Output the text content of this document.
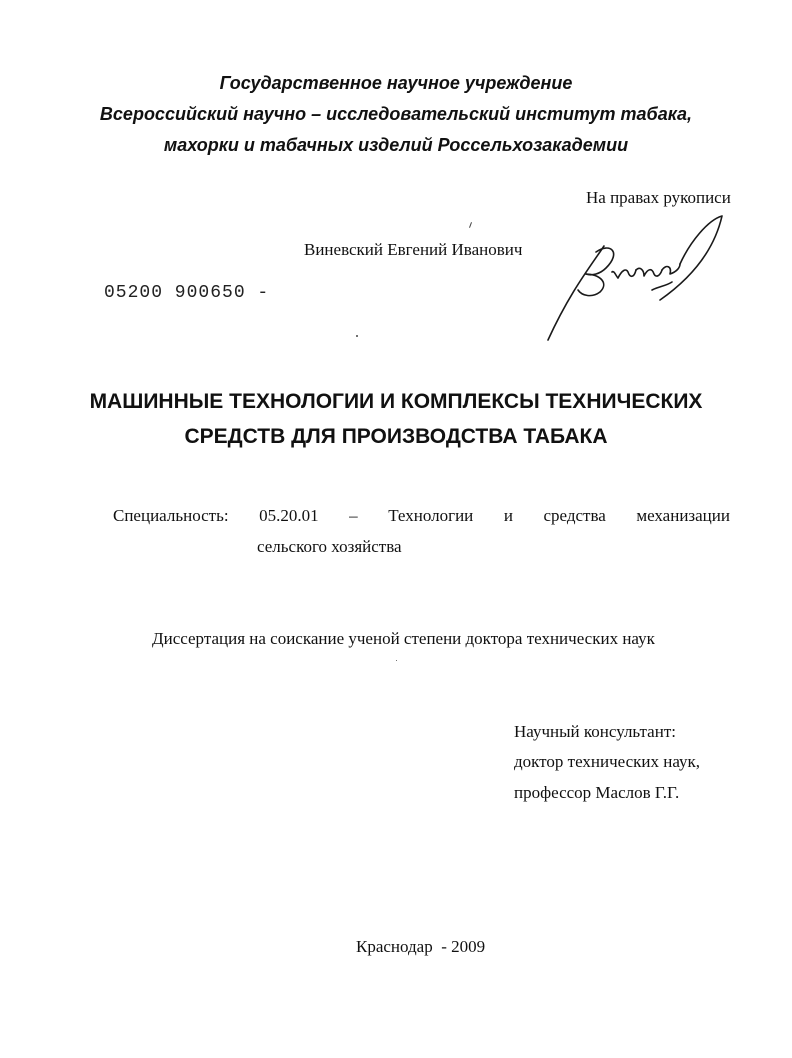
Государственное научное учреждение
Всероссийский научно – исследовательский институт табака,
махорки и табачных изделий Россельхозакадемии
На правах рукописи
Виневский Евгений Иванович
05200 900650 -
МАШИННЫЕ ТЕХНОЛОГИИ И КОМПЛЕКСЫ ТЕХНИЧЕСКИХ
СРЕДСТВ ДЛЯ ПРОИЗВОДСТВА ТАБАКА
Специальность: 05.20.01 – Технологии и средства механизации
сельского хозяйства
Диссертация на соискание ученой степени доктора технических наук
Научный консультант:
доктор технических наук,
профессор Маслов Г.Г.
Краснодар  - 2009
